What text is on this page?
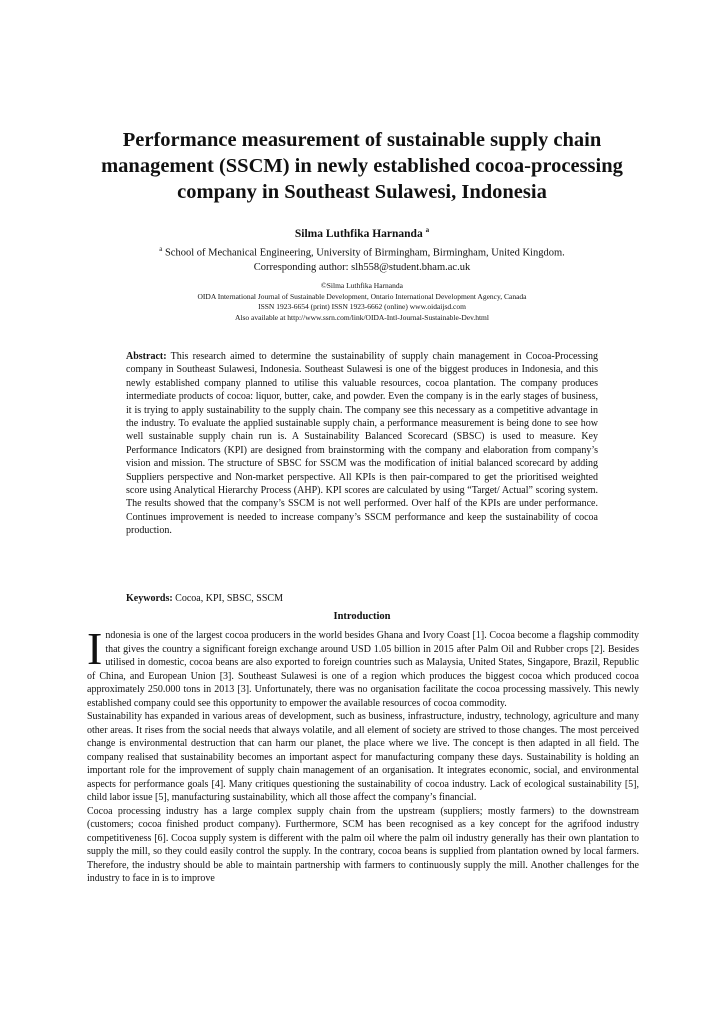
Performance measurement of sustainable supply chain management (SSCM) in newly established cocoa-processing company in Southeast Sulawesi, Indonesia
Silma Luthfika Harnanda $^a$
$^a$ School of Mechanical Engineering, University of Birmingham, Birmingham, United Kingdom.
Corresponding author: slh558@student.bham.ac.uk
©Silma Luthfika Harnanda
OIDA International Journal of Sustainable Development, Ontario International Development Agency, Canada
ISSN 1923-6654 (print) ISSN 1923-6662 (online) www.oidaijsd.com
Also available at http://www.ssrn.com/link/OIDA-Intl-Journal-Sustainable-Dev.html
Abstract: This research aimed to determine the sustainability of supply chain management in Cocoa-Processing company in Southeast Sulawesi, Indonesia. Southeast Sulawesi is one of the biggest produces in Indonesia, and this newly established company planned to utilise this valuable resources, cocoa plantation. The company produces intermediate products of cocoa: liquor, butter, cake, and powder. Even the company is in the early stages of business, it is trying to apply sustainability to the supply chain. The company see this necessary as a competitive advantage in the industry. To evaluate the applied sustainable supply chain, a performance measurement is being done to see how well sustainable supply chain run is. A Sustainability Balanced Scorecard (SBSC) is used to measure. Key Performance Indicators (KPI) are designed from brainstorming with the company and elaboration from company’s vision and mission. The structure of SBSC for SSCM was the modification of initial balanced scorecard by adding Suppliers perspective and Non-market perspective. All KPIs is then pair-compared to get the prioritised weighted score using Analytical Hierarchy Process (AHP). KPI scores are calculated by using “Target/ Actual” scoring system. The results showed that the company’s SSCM is not well performed. Over half of the KPIs are under performance. Continues improvement is needed to increase company’s SSCM performance and keep the sustainability of cocoa production.
Keywords: Cocoa, KPI, SBSC, SSCM
Introduction

Indonesia is one of the largest cocoa producers in the world besides Ghana and Ivory Coast [1]. Cocoa become a flagship commodity that gives the country a significant foreign exchange around USD 1.05 billion in 2015 after Palm Oil and Rubber crops [2]. Besides utilised in domestic, cocoa beans are also exported to foreign countries such as Malaysia, United States, Singapore, Brazil, Republic of China, and European Union [3]. Southeast Sulawesi is one of a region which produces the biggest cocoa which produced cocoa approximately 250.000 tons in 2013 [3]. Unfortunately, there was no organisation facilitate the cocoa processing massively. This newly established company could see this opportunity to empower the available resources of cocoa commodity.

Sustainability has expanded in various areas of development, such as business, infrastructure, industry, technology, agriculture and many other areas. It rises from the social needs that always volatile, and all element of society are strived to those changes. The most perceived change is environmental destruction that can harm our planet, the place where we live. The concept is then adapted in all field. The company realised that sustainability becomes an important aspect for manufacturing company these days. Sustainability is holding an important role for the improvement of supply chain management of an organisation. It integrates economic, social, and environmental aspects for performance goals [4]. Many critiques questioning the sustainability of cocoa industry. Lack of ecological sustainability [5], child labor issue [5], manufacturing sustainability, which all those affect the company’s financial.

Cocoa processing industry has a large complex supply chain from the upstream (suppliers; mostly farmers) to the downstream (customers; cocoa finished product company). Furthermore, SCM has been recognised as a key concept for the agrifood industry competitiveness [6]. Cocoa supply system is different with the palm oil where the palm oil industry generally has their own plantation to supply the mill, so they could easily control the supply. In the contrary, cocoa beans is supplied from plantation owned by local farmers. Therefore, the industry should be able to maintain partnership with farmers to continuously supply the mill. Another challenges for the industry to face in is to improve
